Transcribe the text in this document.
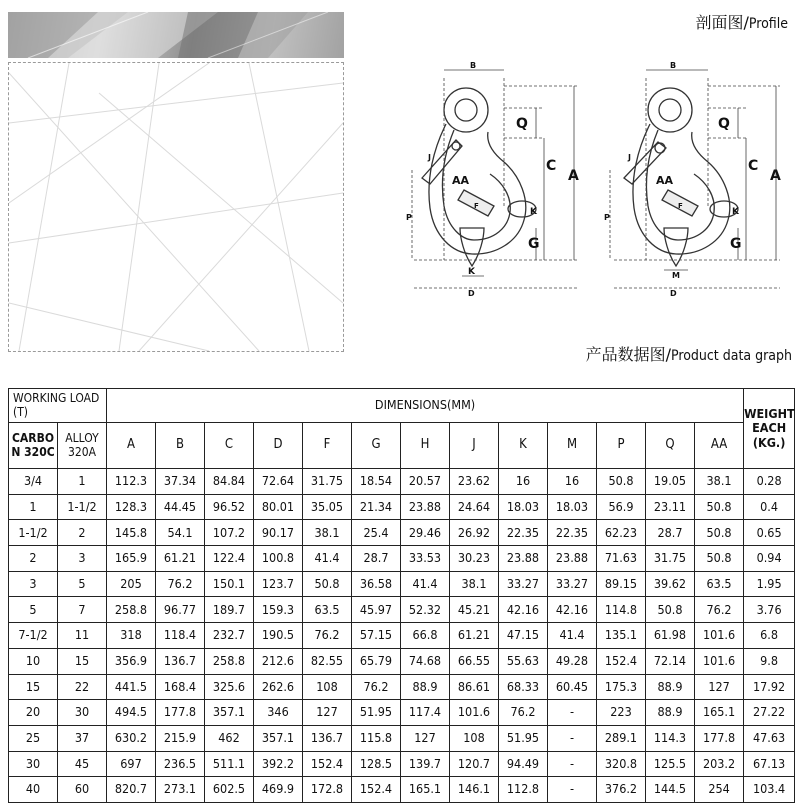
剖面图/Profile
B
Q
C
A
J
AA
F
K
P
G
K
D
B
Q
C
A
J
AA
F
K
P
G
M
D
产品数据图/Product data graph
WORKING LOAD (T)		DIMENSIONS(MM)													WEIGHT EACH (KG.)
CARBON 320C	ALLOY 320A	A	B	C	D	F	G	H	J	K	M	P	Q	AA	
3/4	1	112.3	37.34	84.84	72.64	31.75	18.54	20.57	23.62	16	16	50.8	19.05	38.1	0.28
1	1-1/2	128.3	44.45	96.52	80.01	35.05	21.34	23.88	24.64	18.03	18.03	56.9	23.11	50.8	0.4
1-1/2	2	145.8	54.1	107.2	90.17	38.1	25.4	29.46	26.92	22.35	22.35	62.23	28.7	50.8	0.65
2	3	165.9	61.21	122.4	100.8	41.4	28.7	33.53	30.23	23.88	23.88	71.63	31.75	50.8	0.94
3	5	205	76.2	150.1	123.7	50.8	36.58	41.4	38.1	33.27	33.27	89.15	39.62	63.5	1.95
5	7	258.8	96.77	189.7	159.3	63.5	45.97	52.32	45.21	42.16	42.16	114.8	50.8	76.2	3.76
7-1/2	11	318	118.4	232.7	190.5	76.2	57.15	66.8	61.21	47.15	41.4	135.1	61.98	101.6	6.8
10	15	356.9	136.7	258.8	212.6	82.55	65.79	74.68	66.55	55.63	49.28	152.4	72.14	101.6	9.8
15	22	441.5	168.4	325.6	262.6	108	76.2	88.9	86.61	68.33	60.45	175.3	88.9	127	17.92
20	30	494.5	177.8	357.1	346	127	51.95	117.4	101.6	76.2	-	223	88.9	165.1	27.22
25	37	630.2	215.9	462	357.1	136.7	115.8	127	108	51.95	-	289.1	114.3	177.8	47.63
30	45	697	236.5	511.1	392.2	152.4	128.5	139.7	120.7	94.49	-	320.8	125.5	203.2	67.13
40	60	820.7	273.1	602.5	469.9	172.8	152.4	165.1	146.1	112.8	-	376.2	144.5	254	103.4
